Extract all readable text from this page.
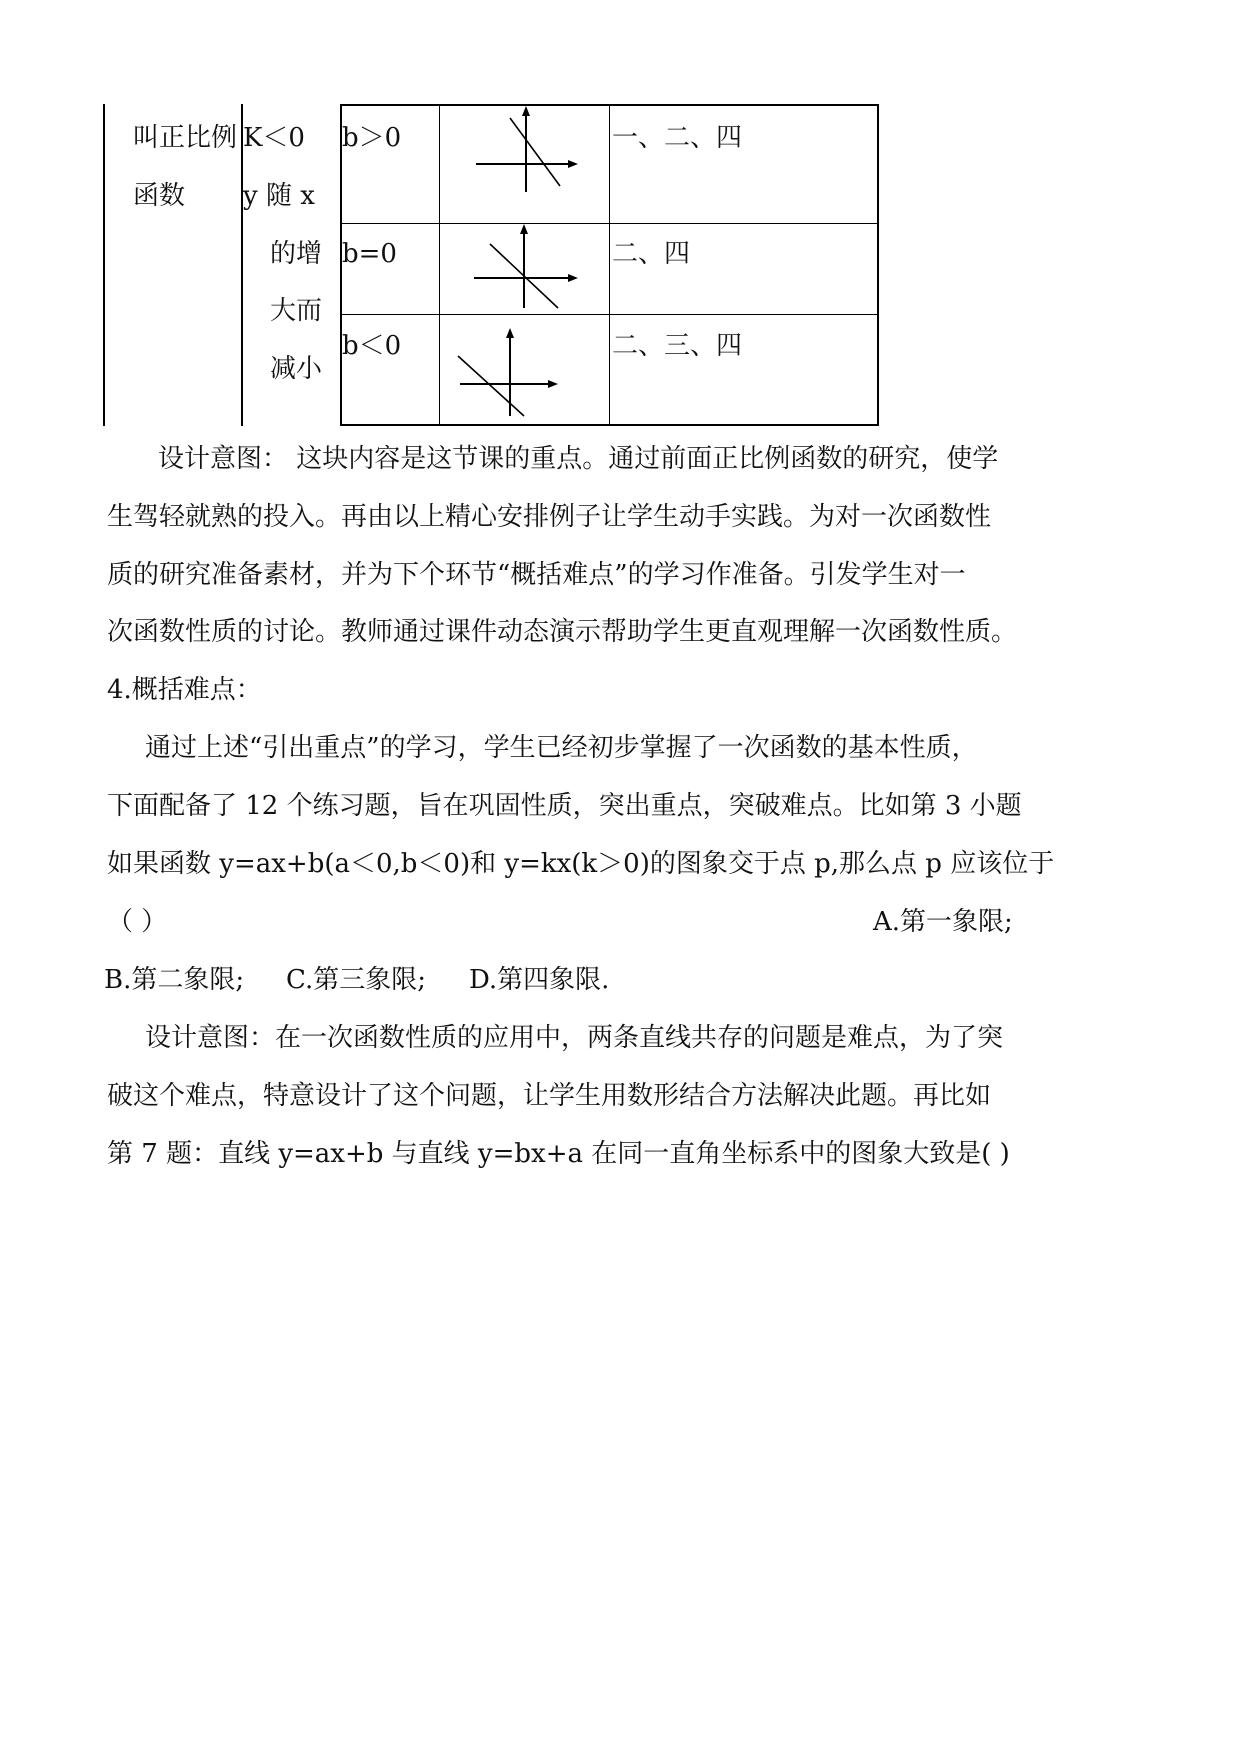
叫正比例
函数
K＜0
y 随 x
的增
大而
减小
b＞0
b=0
b＜0
一、二、四
二、四
二、三、四
设计意图： 这块内容是这节课的重点。通过前面正比例函数的研究，使学
生驾轻就熟的投入。再由以上精心安排例子让学生动手实践。为对一次函数性
质的研究准备素材，并为下个环节“概括难点”的学习作准备。引发学生对一
次函数性质的讨论。教师通过课件动态演示帮助学生更直观理解一次函数性质。
4.概括难点：
通过上述“引出重点”的学习，学生已经初步掌握了一次函数的基本性质，
下面配备了 12 个练习题，旨在巩固性质，突出重点，突破难点。比如第 3 小题
如果函数 y=ax+b(a＜0,b＜0)和 y=kx(k＞0)的图象交于点 p,那么点 p 应该位于
（ ）	A.第一象限;
B.第二象限; C.第三象限; D.第四象限.
设计意图：在一次函数性质的应用中，两条直线共存的问题是难点，为了突
破这个难点，特意设计了这个问题，让学生用数形结合方法解决此题。再比如
第 7 题：直线 y=ax+b 与直线 y=bx+a 在同一直角坐标系中的图象大致是( )
